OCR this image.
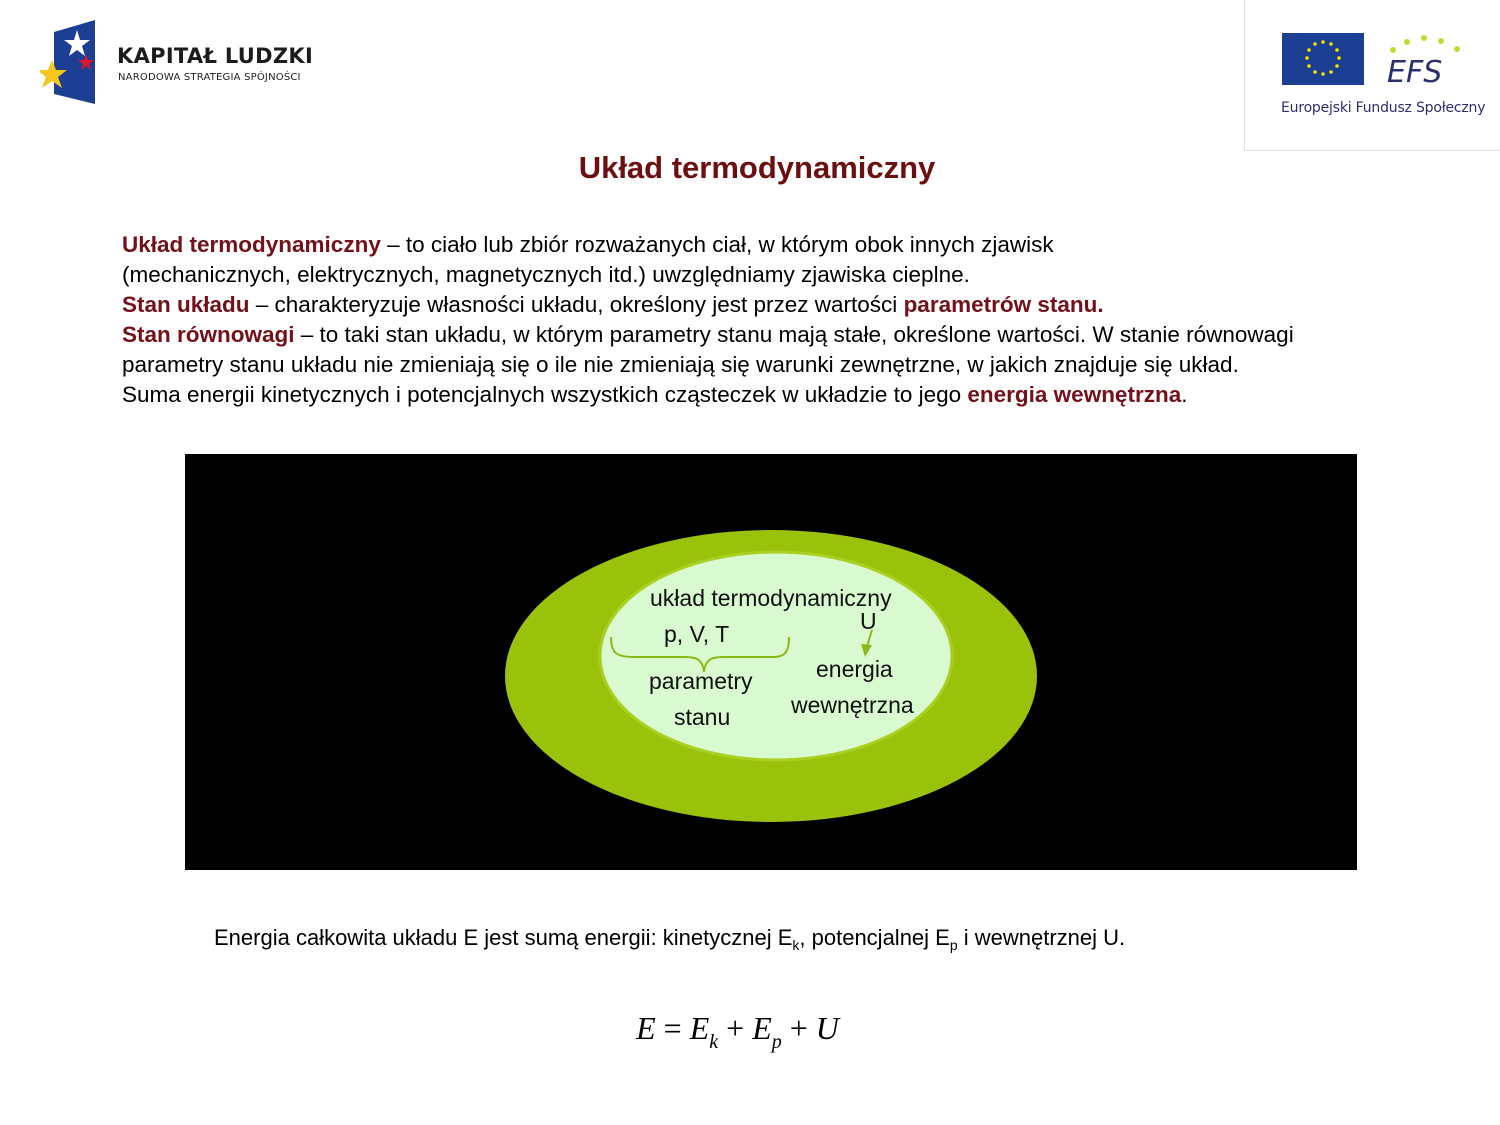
KAPITAŁ LUDZKI
NARODOWA STRATEGIA SPÓJNOŚCI	EFS
Europejski Fundusz Społeczny
Układ termodynamiczny

Układ termodynamiczny – to ciało lub zbiór rozważanych ciał, w którym obok innych zjawisk

(mechanicznych, elektrycznych, magnetycznych itd.) uwzględniamy zjawiska cieplne.

Stan układu – charakteryzuje własności układu, określony jest przez wartości parametrów stanu.

Stan równowagi – to taki stan układu, w którym parametry stanu mają stałe, określone wartości. W stanie równowagi

parametry stanu układu nie zmieniają się o ile nie zmieniają się warunki zewnętrzne, w jakich znajduje się układ.

Suma energii kinetycznych i potencjalnych wszystkich cząsteczek w układzie to jego energia wewnętrzna.

układ termodynamiczny
p, V, T	U
parametry
stanu
energia
wewnętrzna
Energia całkowita układu E jest sumą energii: kinetycznej $E_k$, potencjalnej $E_p$ i wewnętrznej U.
$E = E_k + E_p + U$
